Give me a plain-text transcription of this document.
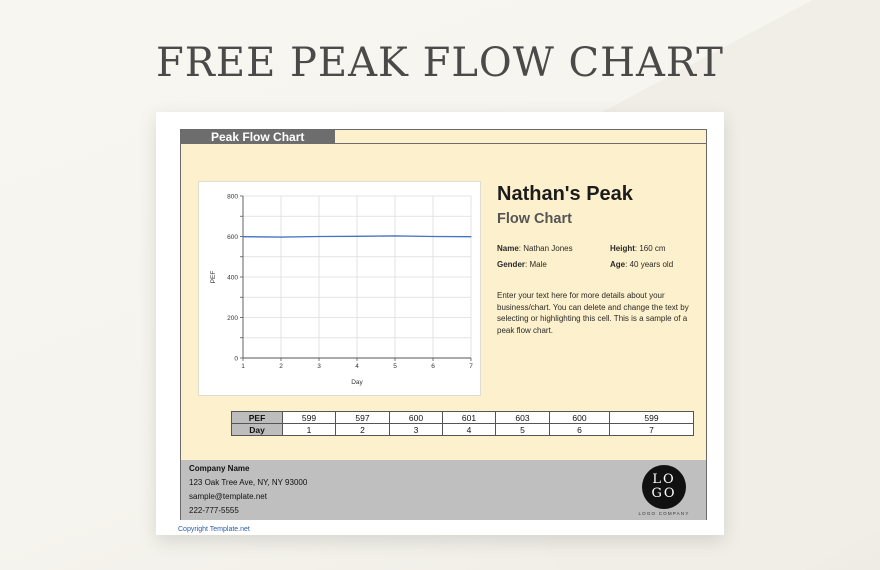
FREE PEAK FLOW CHART
Peak Flow Chart
0
200
400
600
800
1	2	3	4	5	6	7
Day
PEF
Nathan's Peak
Flow Chart
Name: Nathan Jones	Height: 160 cm
Gender: Male	Age: 40 years old
Enter your text here for more details about your business/chart. You can delete and change the text by selecting or highlighting this cell. This is a sample of a peak flow chart.
PEF	599	597	600	601	603	600	599
Day	1	2	3	4	5	6	7
Company Name
123 Oak Tree Ave, NY, NY 93000
sample@template.net
222-777-5555
LO
GO
LOGO COMPANY
Copyright Template.net
